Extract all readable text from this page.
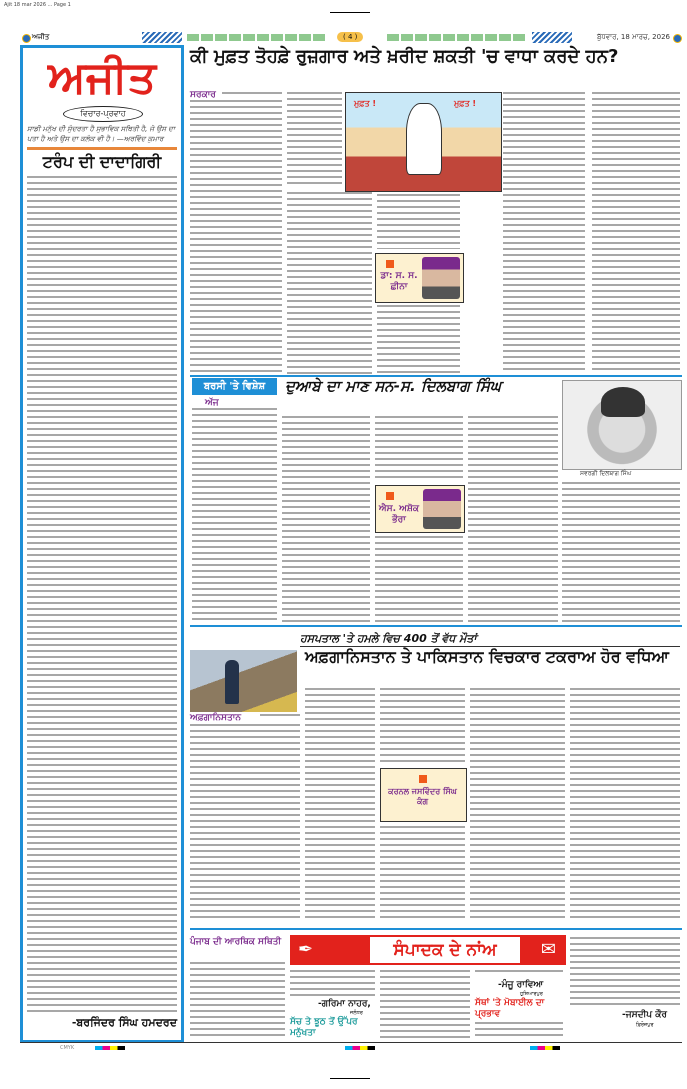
Ajit 18 mar 2026 ... Page 1
ਅਜੀਤ	( 4 )	ਬੁੱਧਵਾਰ, 18 ਮਾਰਚ, 2026
ਅਜੀਤ
ਵਿਚਾਰ-ਪ੍ਰਵਾਹ
ਸਾਡੀ ਮਨੁੱਖ ਦੀ ਸੁੰਦਰਤਾ ਹੈ ਸੁਭਾਵਿਕ ਸਥਿਤੀ ਹੈ, ਜੋ ਉਸ ਦਾ ਪਤਾ ਹੈ ਅਤੇ ਉਸ ਦਾ ਕਲੰਕ ਵੀ ਹੈ। —ਅਰਵਿੰਦ ਕੁਮਾਰ
ਟਰੰਪ ਦੀ ਦਾਦਾਗਿਰੀ
-ਬਰਜਿੰਦਰ ਸਿੰਘ ਹਮਦਰਦ
ਕੀ ਮੁਫ਼ਤ ਤੋਹਫ਼ੇ ਰੁਜ਼ਗਾਰ ਅਤੇ ਖ਼ਰੀਦ ਸ਼ਕਤੀ 'ਚ ਵਾਧਾ ਕਰਦੇ ਹਨ?
ਸਰਕਾਰ
ਮੁਫ਼ਤ !	ਮੁਫ਼ਤ !
ਡਾ: ਸ. ਸ. ਛੀਨਾ
ਬਰਸੀ 'ਤੇ ਵਿਸ਼ੇਸ਼
ਅੱਜ
ਦੁਆਬੇ ਦਾ ਮਾਣ ਸਨ-ਸ. ਦਿਲਬਾਗ ਸਿੰਘ
ਐਸ. ਅਸ਼ੋਕ ਭੌਰਾ
ਸਵਰਗੀ ਦਿਲਬਾਗ ਸਿੰਘ
ਹਸਪਤਾਲ 'ਤੇ ਹਮਲੇ ਵਿਚ 400 ਤੋਂ ਵੱਧ ਮੌਤਾਂ
ਅਫ਼ਗਾਨਿਸਤਾਨ ਤੇ ਪਾਕਿਸਤਾਨ ਵਿਚਕਾਰ ਟਕਰਾਅ ਹੋਰ ਵਧਿਆ
ਅਫ਼ਗਾਨਿਸਤਾਨ
ਕਰਨਲ ਜਸਵਿੰਦਰ ਸਿੰਘ ਕੰਗ
ਪੰਜਾਬ ਦੀ ਆਰਥਿਕ ਸਥਿਤੀ ✒	ਸੰਪਾਦਕ ਦੇ ਨਾਂਅ	✉
-ਗਰਿਮਾ ਨਾਹਰ,
ਜਲੰਧਰ
ਸੱਚ ਤੇ ਝੂਠ ਤੋਂ ਉੱਪਰ ਮਨੁੱਖਤਾ
-ਮੰਜੂ ਰਾਵਿਆ
ਹੁਸ਼ਿਆਰਪੁਰ
ਸੱਥਾਂ 'ਤੇ ਮੋਬਾਈਲ ਦਾ ਪ੍ਰਭਾਵ	-ਜਸਦੀਪ ਕੌਰ
ਫ਼ਿਰੋਜ਼ਪੁਰ
CMYK
